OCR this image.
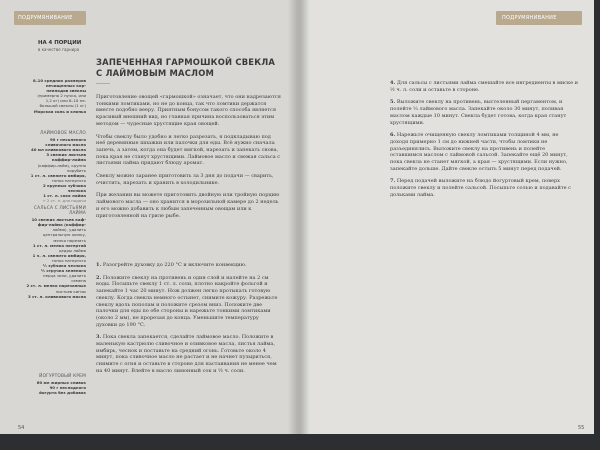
ПОДРУМЯНИВАНИЕ
НА 4 ПОРЦИИ
в качестве гарнира
8–10 средних размеров
нечищенных кор-
неплодов свеклы
(примерно 2 пучка, или
1,2 кг) или 8–10 не-
большой свеклы (1 кг)
Морская соль и хлопья
ЛАЙМОВОЕ МАСЛО
90 г несоленого
сливочного масла
40 мл оливкового масла
3 свежих листьев
каффир-лайма
(каффир-лайм), крупно
порубить
1 ст. л. свежего имбиря,
тонко натертого
2 крупных зубчика
чеснока
1 ст. л. сока лайма
+ 2 ст. л. для подачи
САЛЬСА С ЛИСТЬЯМИ ЛАЙМА
10 свежих листьев каф-
фир-лайма (каффир-
лайма), удалить
центральную жилку,
мелко нарезать
1 ст. л. мелко натертой
цедры лайма
1 ч. л. свежего имбиря,
тонко натертого
½ зубчика чеснока
½ стручка зеленого
перца чили, удалить
семена
2 ст. л. мелко нарезанных
листьев кинзы
3 ст. л. оливкового масла
ЙОГУРТОВЫЙ КРЕМ
60 мл жирных сливок
90 г несладкого
йогурта без добавок
ЗАПЕЧЕННАЯ ГАРМОШКОЙ СВЕКЛА
С ЛАЙМОВЫМ МАСЛОМ

Приготовление овощей «гармошкой» означает, что они надрезаются тонкими ломтиками, но не до конца, так что ломтики держатся вместе подобно вееру. Приятным бонусом такого способа является красивый внешний вид, но главная причина воспользоваться этим методом — чудесные хрустящие края овощей.

Чтобы свеклу было удобно и легко разрезать, я подкладываю под неё деревянные шпажки или палочки для еды. Всё нужно сначала запечь, а затем, когда она будет мягкой, нарезать и запекать снова, пока края не станут хрустящими. Лаймовое масло и свежая сальса с листьями лайма придают блюду аромат.

Свеклу можно заранее приготовить за 3 дня до подачи — сварить, очистить, нарезать и хранить в холодильнике.

При желании вы можете приготовить двойную или тройную порцию лаймового масла — оно хранится в морозильной камере до 2 недель и его можно добавить к любым запеченным овощам или к приготовленной на гриле рыбе.

1. Разогрейте духовку до 220 °C и включите конвекцию.

2. Положите свеклу на противень и один слой и налейте на 2 см воды. Посыпьте свеклу 1 ст. л. соли, плотно накройте фольгой и запекайте 1 час 20 минут. Нож должен легко протыкать готовую свеклу. Когда свекла немного остынет, снимите кожуру. Разрежьте свеклу вдоль пополам и положите срезом вниз. Положите две палочки для еды по обе стороны и нарежьте тонкими ломтиками (около 2 мм), не прорезая до конца. Уменьшите температуру духовки до 190 °C.

3. Пока свекла запекается, сделайте лаймовое масло. Положите в маленькую кастрюлю сливочное и оливковое масла, листья лайма, имбирь, чеснок и поставьте на средний огонь. Готовьте около 4 минут, пока сливочное масло не растает и не начнет пузыриться, снимите с огня и оставьте в стороне для настаивания не менее чем на 40 минут. Влейте в масло лимонный сок и ½ ч. соли.

54
ПОДРУМЯНИВАНИЕ

4. Для сальсы с листьями лайма смешайте все ингредиенты в миске и ½ ч. л. соли и оставьте в стороне.

5. Выложите свеклу на противень, выстеленный пергаментом, и полейте ⅔ лаймового масла. Запекайте около 30 минут, поливая маслом каждые 10 минут. Свекла будет готова, когда края станут хрустящими.

6. Нарежьте очищенную свеклу ломтиками толщиной 4 мм, не доходя примерно 1 см до нижней части, чтобы ломтики не разъединялись. Выложите свеклу на противень и полейте оставшимся маслом с лаймовой сальсой. Запекайте ещё 20 минут, пока свекла не станет мягкой, а края — хрустящими. Если нужно, запекайте дольше. Дайте свекле остыть 5 минут перед подачей.

7. Перед подачей выложите на блюдо йогуртовый крем, поверх положите свеклу и полейте сальсой. Посыпьте солью и подавайте с дольками лайма.

55
